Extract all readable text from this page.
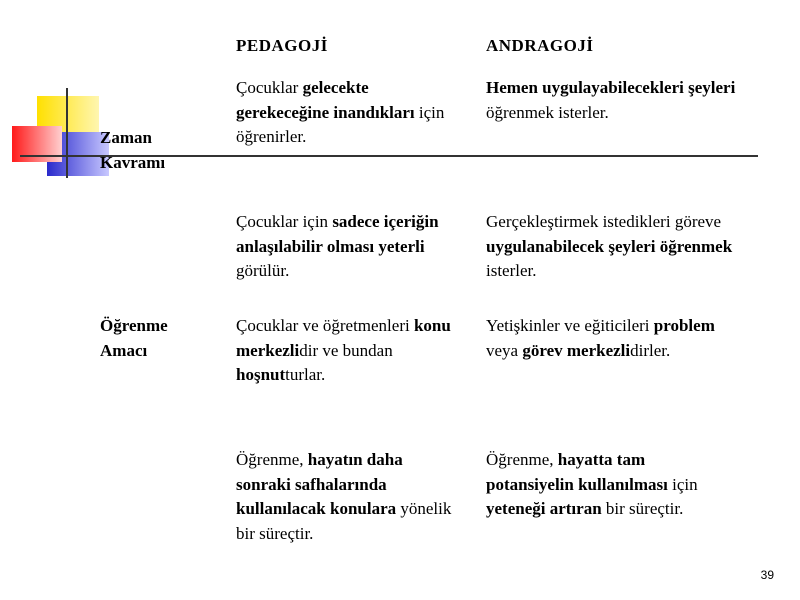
PEDAGOJİ	ANDRAGOJİ
Zaman Kavramı
Öğrenme Amacı
Çocuklar gelecekte gerekeceğine inandıkları için öğrenirler.
Hemen uygulayabilecekleri şeyleri öğrenmek isterler.
Çocuklar için sadece içeriğin anlaşılabilir olması yeterli görülür.
Gerçekleştirmek istedikleri göreve uygulanabilecek şeyleri öğrenmek isterler.
Çocuklar ve öğretmenleri konu merkezlidir ve bundan hoşnutturlar.
Yetişkinler ve eğiticileri problem veya görev merkezlidirler.
Öğrenme, hayatın daha sonraki safhalarında kullanılacak konulara yönelik bir süreçtir.
Öğrenme, hayatta tam potansiyelin kullanılması için yeteneği artıran bir süreçtir.
39
